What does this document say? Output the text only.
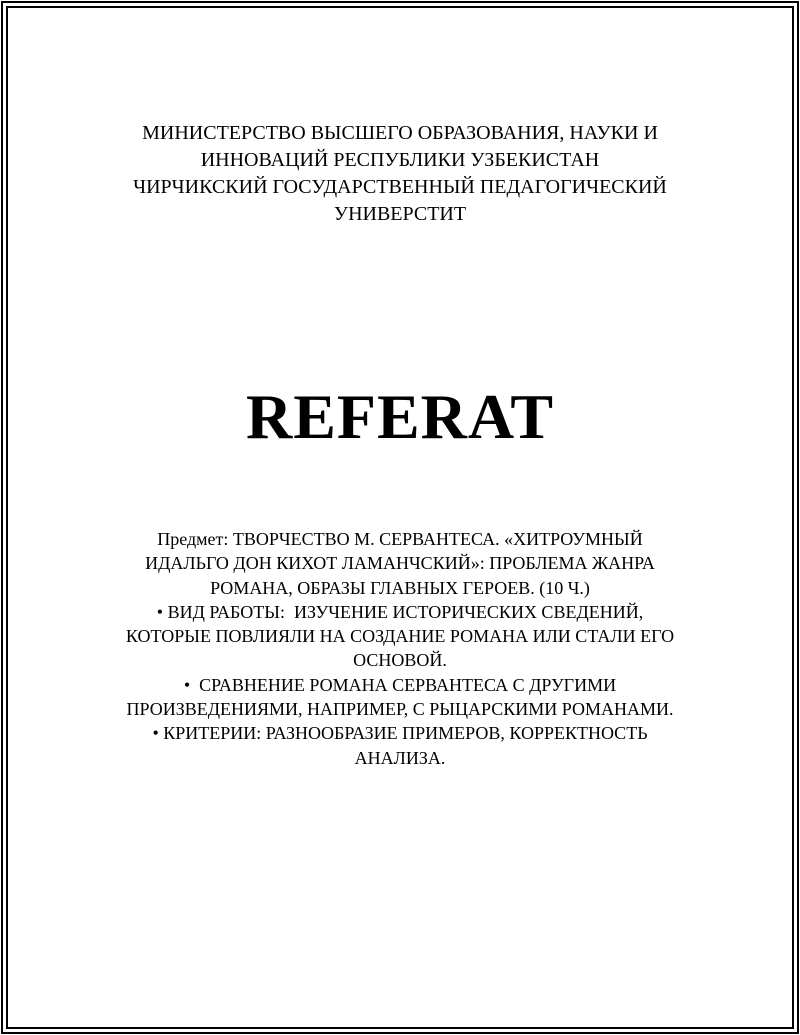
МИНИСТЕРСТВО ВЫСШЕГО ОБРАЗОВАНИЯ, НАУКИ И
ИННОВАЦИЙ РЕСПУБЛИКИ УЗБЕКИСТАН
ЧИРЧИКСКИЙ ГОСУДАРСТВЕННЫЙ ПЕДАГОГИЧЕСКИЙ
УНИВЕРСТИТ
REFERAT
Предмет: ТВОРЧЕСТВО М. СЕРВАНТЕСА. «ХИТРОУМНЫЙ
ИДАЛЬГО ДОН КИХОТ ЛАМАНЧСКИЙ»: ПРОБЛЕМА ЖАНРА
РОМАНА, ОБРАЗЫ ГЛАВНЫХ ГЕРОЕВ. (10 Ч.)
• ВИД РАБОТЫ:  ИЗУЧЕНИЕ ИСТОРИЧЕСКИХ СВЕДЕНИЙ,
КОТОРЫЕ ПОВЛИЯЛИ НА СОЗДАНИЕ РОМАНА ИЛИ СТАЛИ ЕГО
ОСНОВОЙ.
•  СРАВНЕНИЕ РОМАНА СЕРВАНТЕСА С ДРУГИМИ
ПРОИЗВЕДЕНИЯМИ, НАПРИМЕР, С РЫЦАРСКИМИ РОМАНАМИ.
• КРИТЕРИИ: РАЗНООБРАЗИЕ ПРИМЕРОВ, КОРРЕКТНОСТЬ
АНАЛИЗА.
